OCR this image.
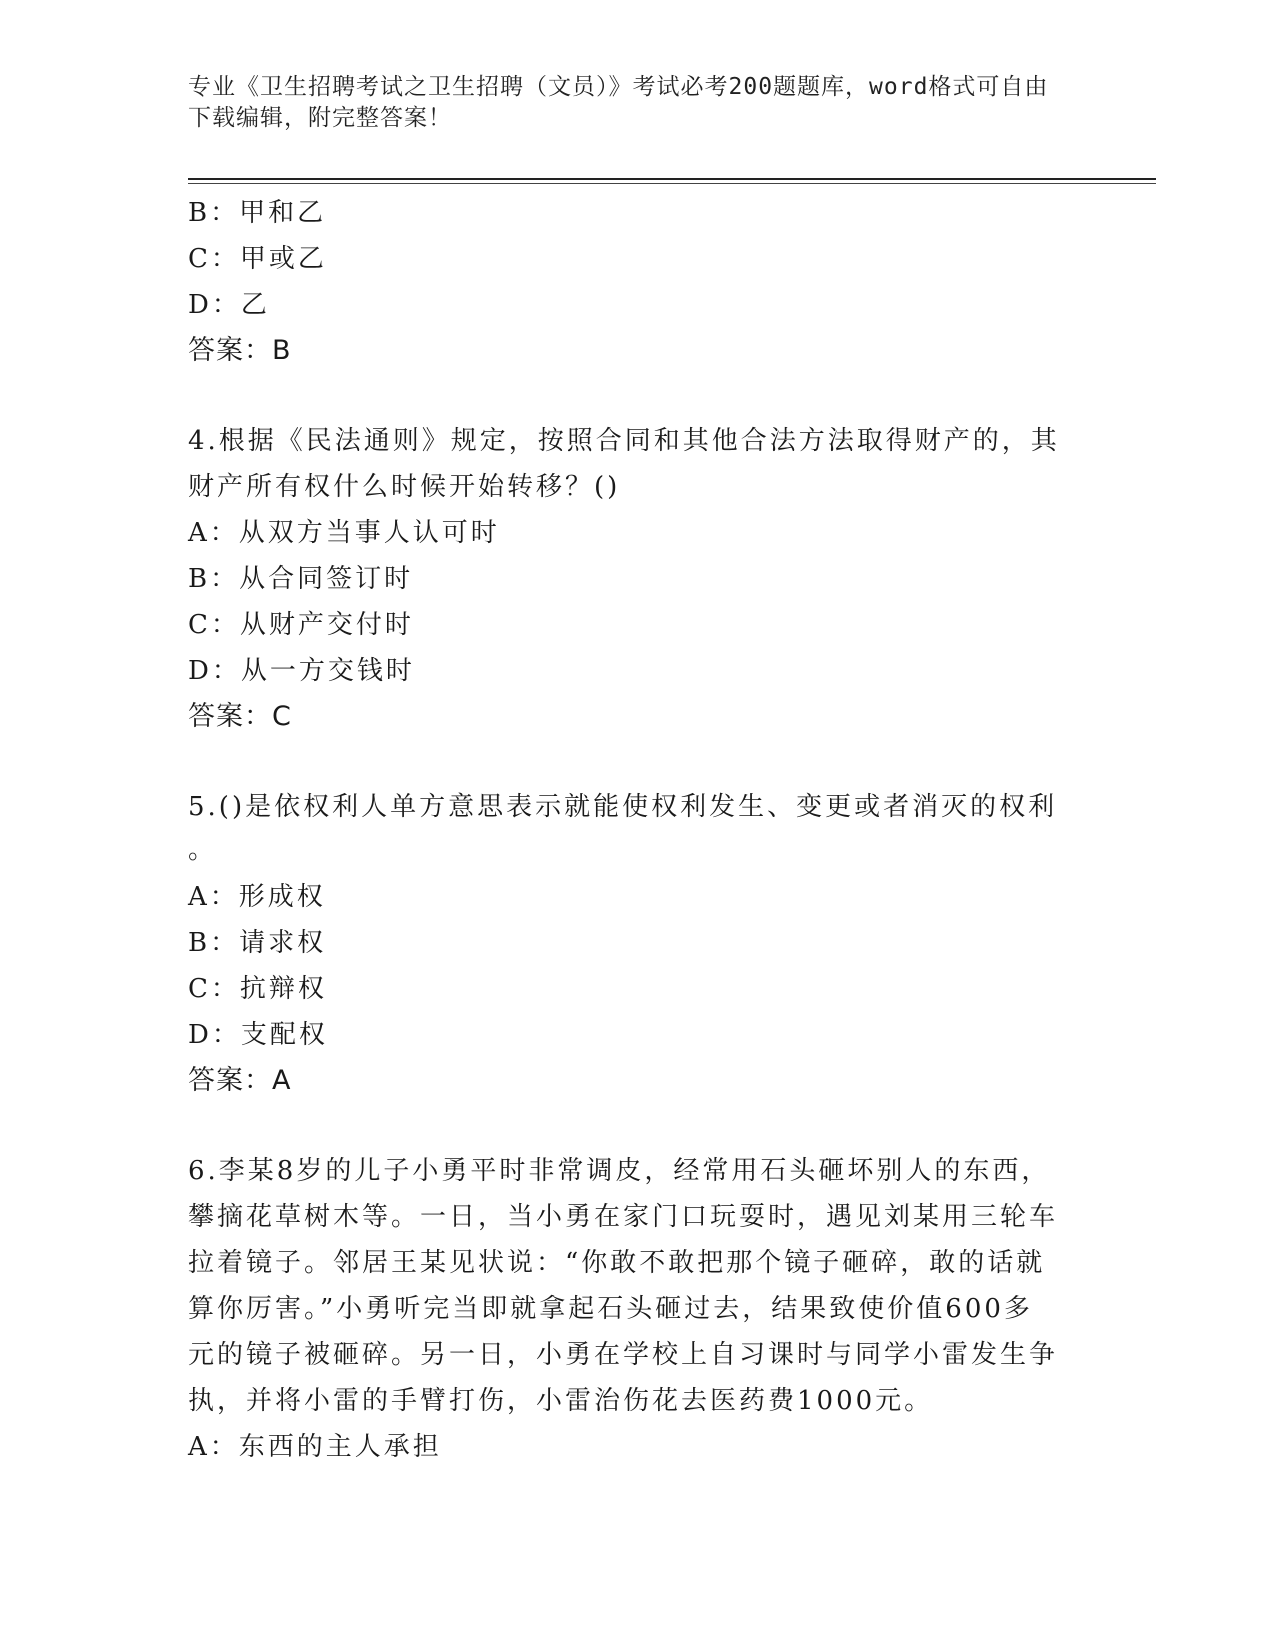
专业《卫生招聘考试之卫生招聘（文员）》考试必考200题题库，word格式可自由下载编辑，附完整答案！
B：甲和乙
C：甲或乙
D：乙
答案：B
4.根据《民法通则》规定，按照合同和其他合法方法取得财产的，其
财产所有权什么时候开始转移？()
A：从双方当事人认可时
B：从合同签订时
C：从财产交付时
D：从一方交钱时
答案：C
5.()是依权利人单方意思表示就能使权利发生、变更或者消灭的权利
。
A：形成权
B：请求权
C：抗辩权
D：支配权
答案：A
6.李某8岁的儿子小勇平时非常调皮，经常用石头砸坏别人的东西，
攀摘花草树木等。一日，当小勇在家门口玩耍时，遇见刘某用三轮车
拉着镜子。邻居王某见状说：“你敢不敢把那个镜子砸碎，敢的话就
算你厉害。”小勇听完当即就拿起石头砸过去，结果致使价值600多
元的镜子被砸碎。另一日，小勇在学校上自习课时与同学小雷发生争
执，并将小雷的手臂打伤，小雷治伤花去医药费1000元。
A：东西的主人承担
